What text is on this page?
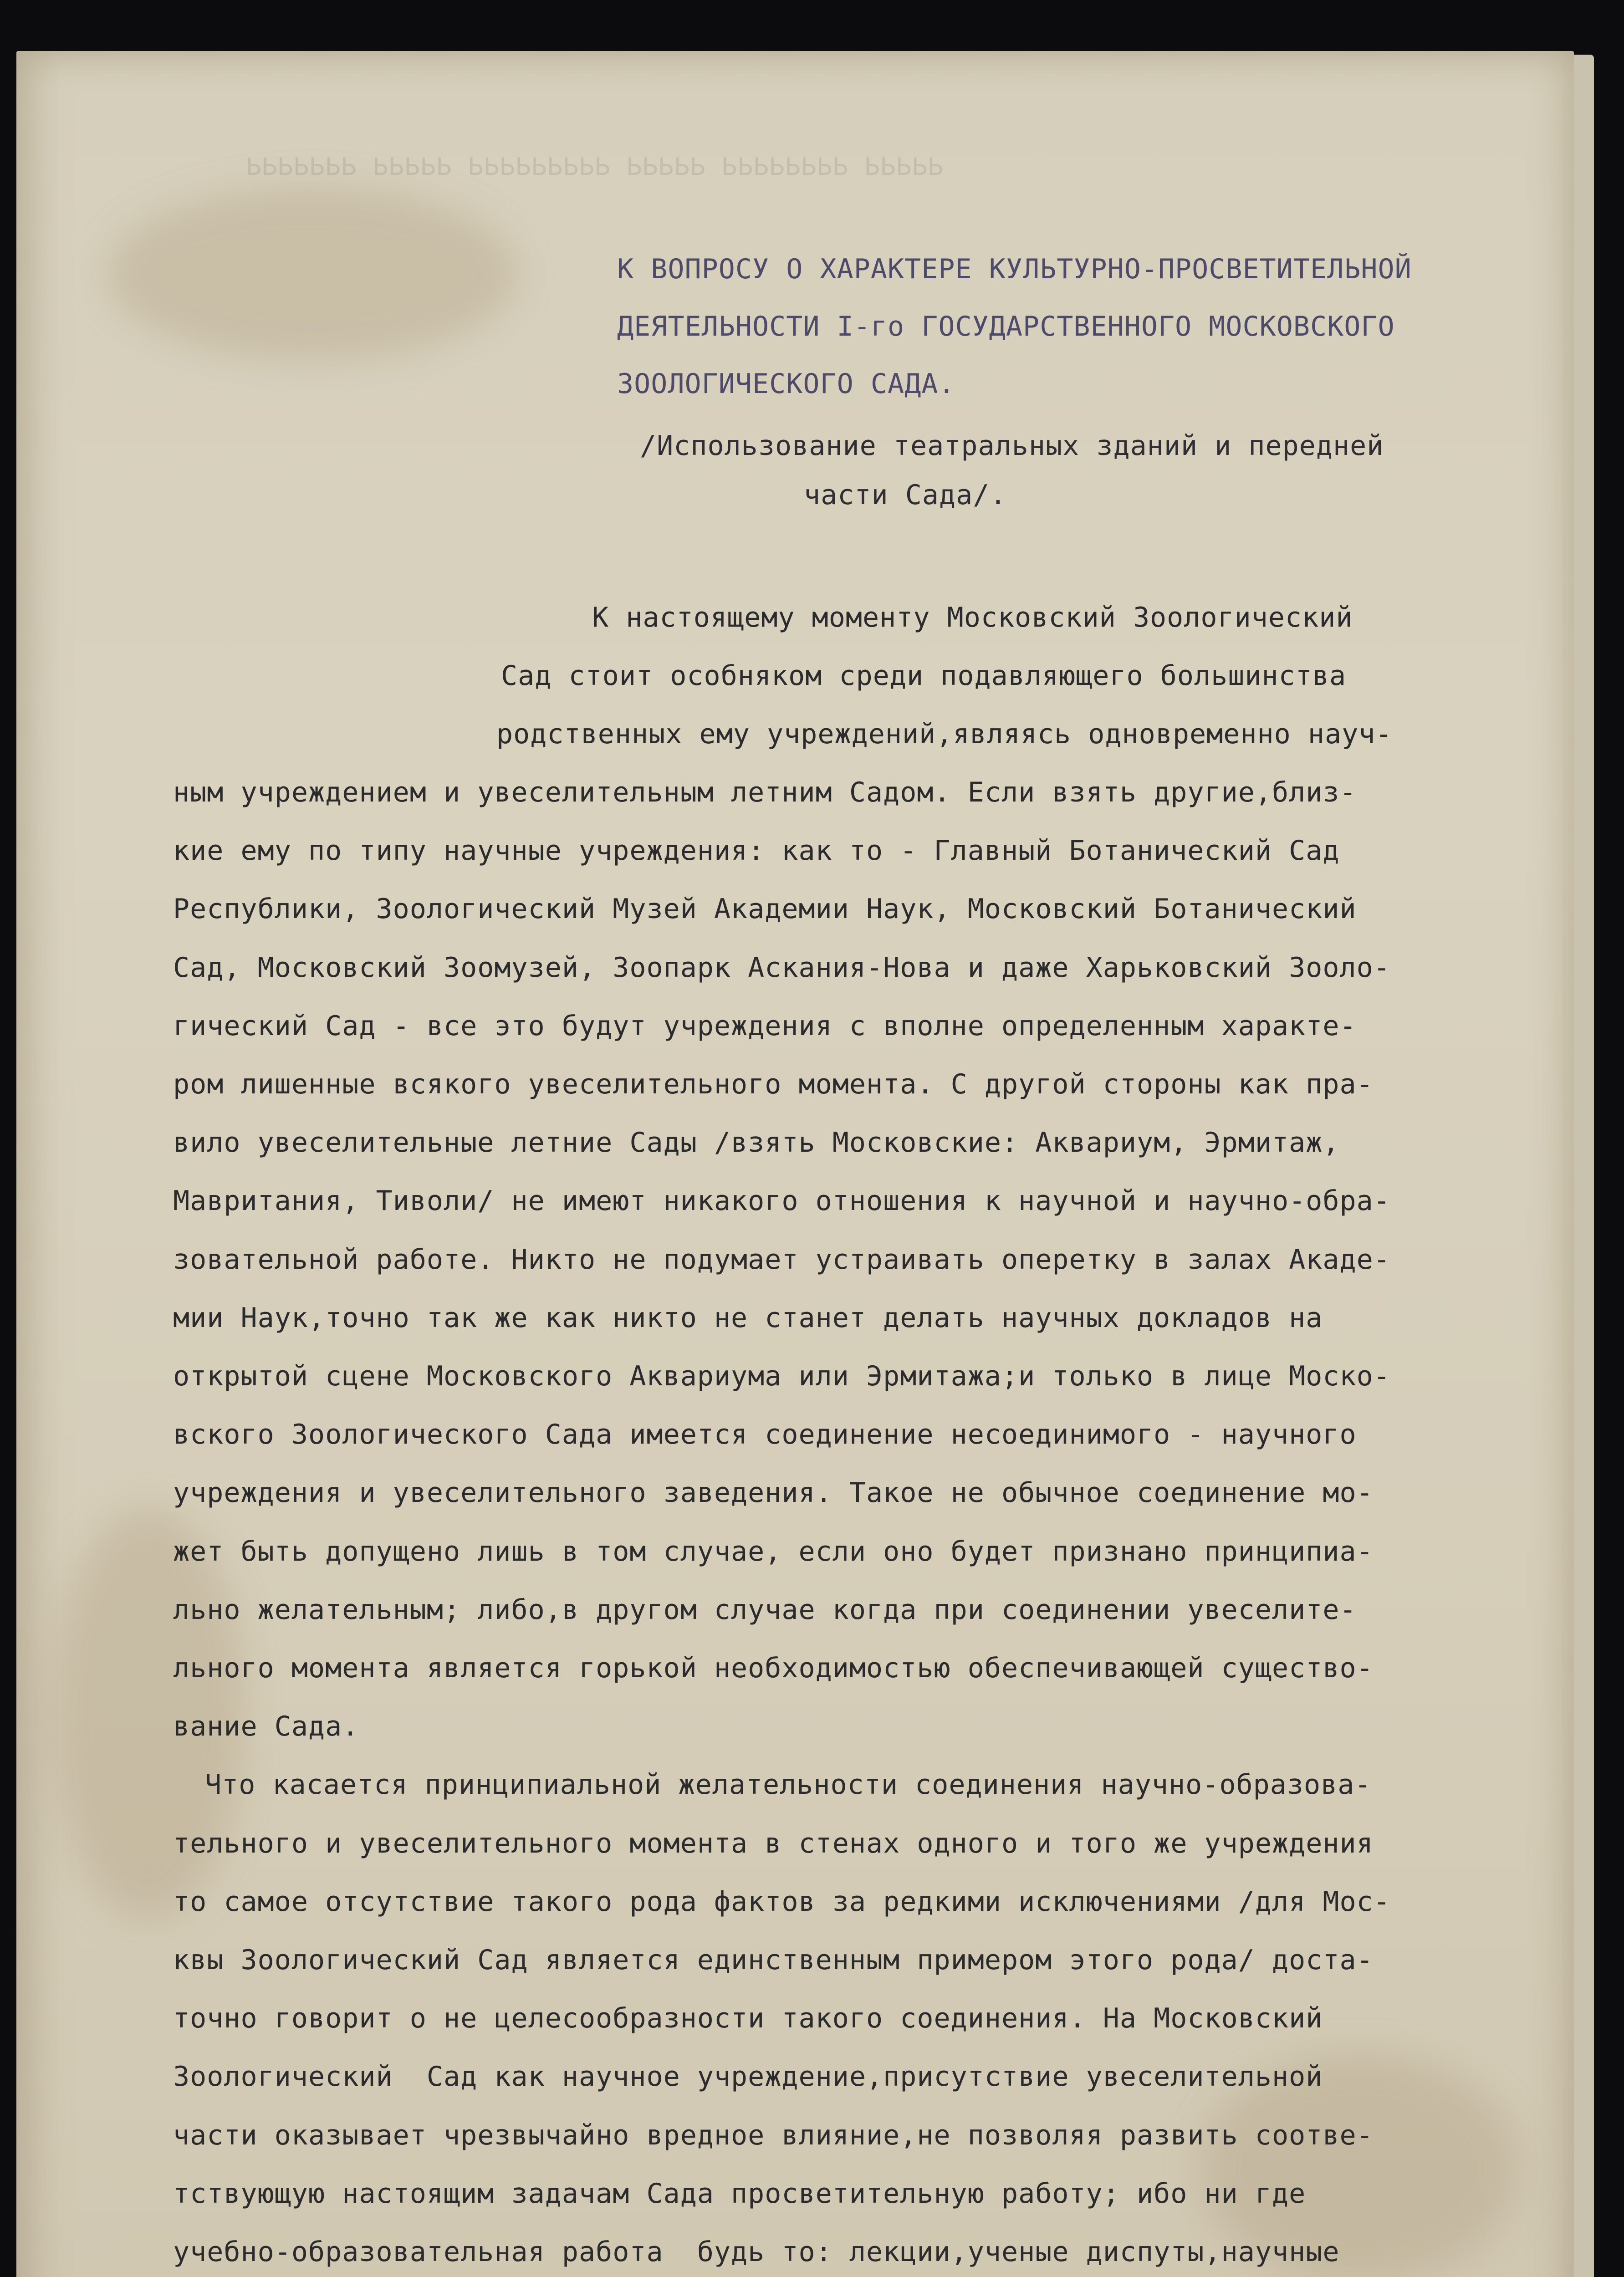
ԀԀԀԀԀ ԀԀԀԀԀԀԀԀ ԀԀԀԀԀ ԀԀԀԀԀԀԀԀԀ ԀԀԀԀԀ ԀԀԀԀԀԀԀ
К ВОПРОСУ О ХАРАКТЕРЕ КУЛЬТУРНО-ПРОСВЕТИТЕЛЬНОЙ
ДЕЯТЕЛЬНОСТИ I-го ГОСУДАРСТВЕННОГО МОСКОВСКОГО
ЗООЛОГИЧЕСКОГО САДА.
/Использование театральных зданий и передней
части Сада/.
К настоящему моменту Московский Зоологический
Сад стоит особняком среди подавляющего большинства
родственных ему учреждений,являясь одновременно науч-
ным учреждением и увеселительным летним Садом. Если взять другие,близ-
кие ему по типу научные учреждения: как то - Главный Ботанический Сад
Республики, Зоологический Музей Академии Наук, Московский Ботанический
Сад, Московский Зоомузей, Зоопарк Аскания-Нова и даже Харьковский Зооло-
гический Сад - все это будут учреждения с вполне определенным характе-
ром лишенные всякого увеселительного момента. С другой стороны как пра-
вило увеселительные летние Сады /взять Московские: Аквариум, Эрмитаж,
Мавритания, Тиволи/ не имеют никакого отношения к научной и научно-обра-
зовательной работе. Никто не подумает устраивать оперетку в залах Акаде-
мии Наук,точно так же как никто не станет делать научных докладов на
открытой сцене Московского Аквариума или Эрмитажа;и только в лице Моско-
вского Зоологического Сада имеется соединение несоединимого - научного
учреждения и увеселительного заведения. Такое не обычное соединение мо-
жет быть допущено лишь в том случае, если оно будет признано принципиа-
льно желательным; либо,в другом случае когда при соединении увеселите-
льного момента является горькой необходимостью обеспечивающей существо-
вание Сада.
Что касается принципиальной желательности соединения научно-образова-
тельного и увеселительного момента в стенах одного и того же учреждения
то самое отсутствие такого рода фактов за редкими исключениями /для Мос-
квы Зоологический Сад является единственным примером этого рода/ доста-
точно говорит о не целесообразности такого соединения. На Московский
Зоологический  Сад как научное учреждение,присутствие увеселительной
части оказывает чрезвычайно вредное влияние,не позволяя развить соотве-
тствующую настоящим задачам Сада просветительную работу; ибо ни где
учебно-образовательная работа  будь то: лекции,ученые диспуты,научные
